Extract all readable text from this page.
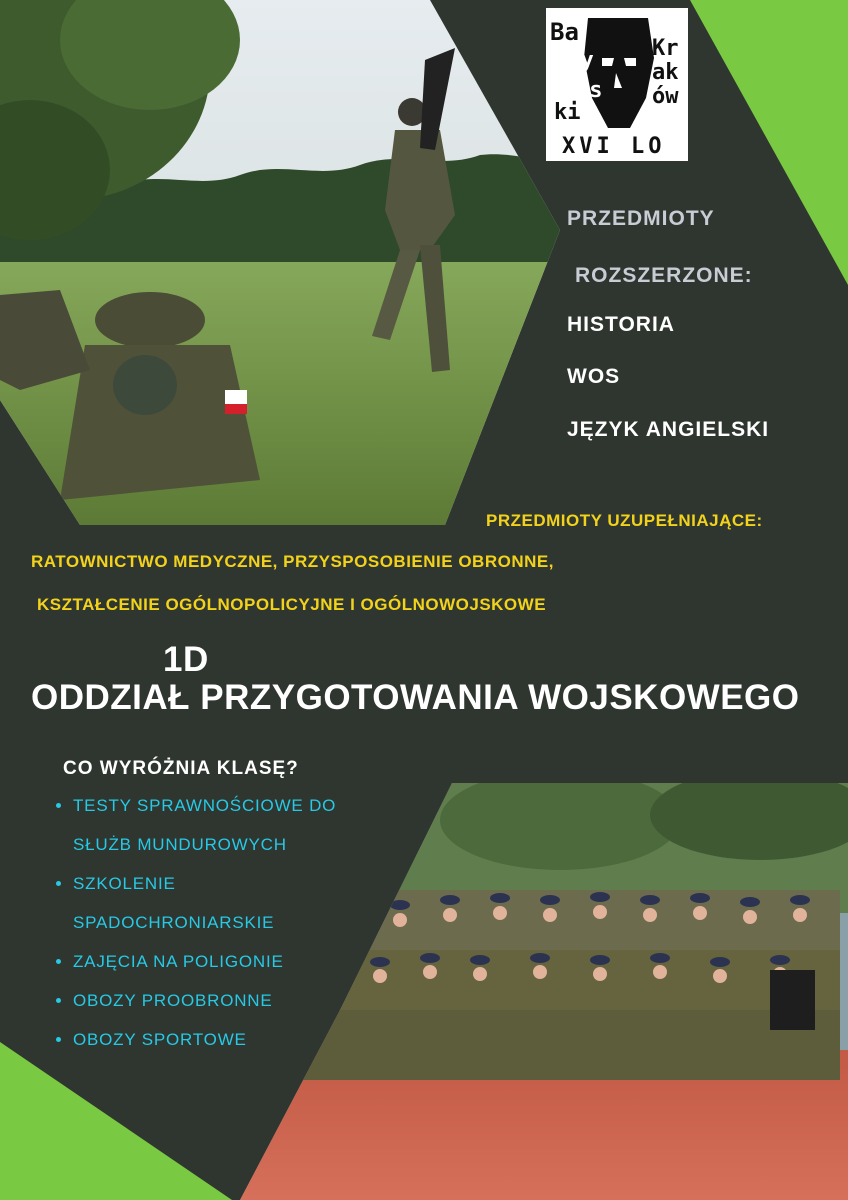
Ba
czy
ńs
ki
Kr
ak
ów
XVI LO
PRZEDMIOTY
ROZSZERZONE:
HISTORIA
WOS
JĘZYK ANGIELSKI
PRZEDMIOTY UZUPEŁNIAJĄCE:
RATOWNICTWO MEDYCZNE, PRZYSPOSOBIENIE OBRONNE,
KSZTAŁCENIE OGÓLNOPOLICYJNE I OGÓLNOWOJSKOWE
1D
ODDZIAŁ PRZYGOTOWANIA WOJSKOWEGO
CO WYRÓŻNIA KLASĘ?
TESTY SPRAWNOŚCIOWE DO
SŁUŻB MUNDUROWYCH
SZKOLENIE
SPADOCHRONIARSKIE
ZAJĘCIA NA POLIGONIE
OBOZY PROOBRONNE
OBOZY SPORTOWE
